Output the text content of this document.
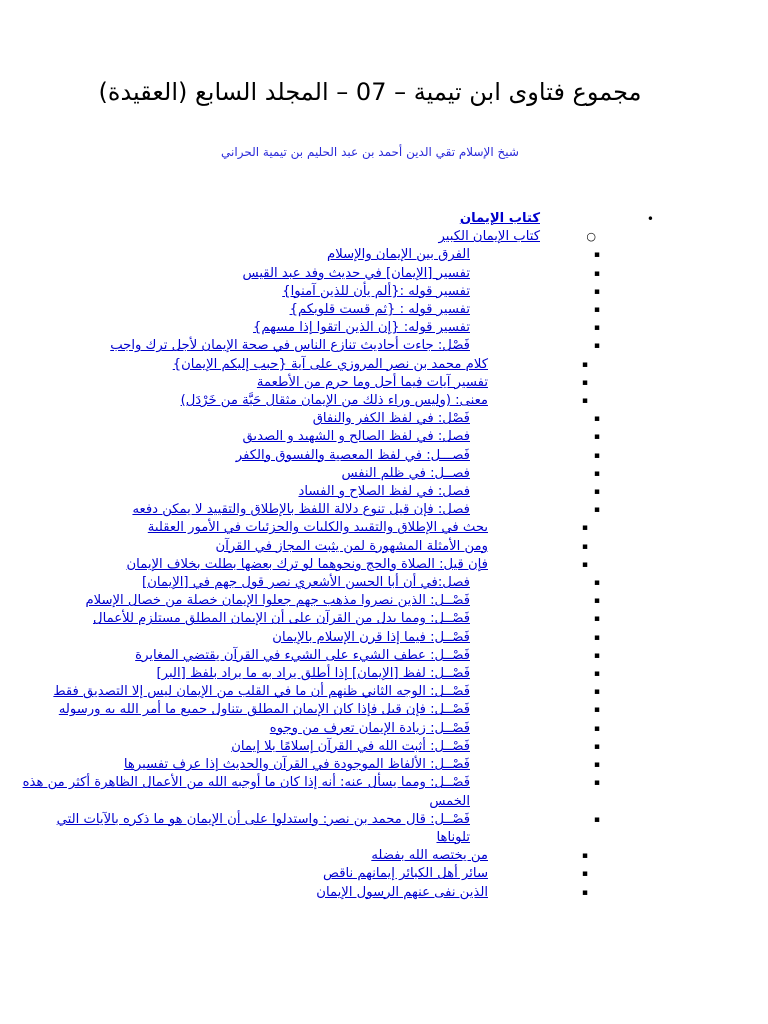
مجموع فتاوى ابن تيمية – 07 – المجلد السابع (العقيدة)
شيخ الإسلام تقي الدين أحمد بن عبد الحليم بن تيمية الحراني
•
كتاب الإيمان
○
كتاب الإيمان الكبير
▪
الفرق بين الإيمان والإسلام
▪
تفسير [الإيمان] في حديث وفد عبد القيس
▪
تفسير قوله :{ألم يأن للذين آمنوا}
▪
تفسير قوله : {ثم قست قلوبكم}
▪
تفسير قوله: {إن الذين اتقوا إذا مسهم}
▪
فَصْل: جاءت أحاديث تنازع الناس في صحة الإيمان لأجل ترك واجب
▪
كلام محمد بن نصر المروزي على آية {حبب إليكم الإيمان}
▪
تفسير آيات فيما أحل وما حرم من الأطعمة
▪
معنى: (وليس وراء ذلك من الإيمان مثقال حَبَّة من خَرْدَل)
▪
فَصْل: في لفظ الكفر والنفاق
▪
فصل: في لفظ الصالح و الشهيد و الصديق
▪
فَصـــل: في لفظ المعصية والفسوق والكفر
▪
فصــل: في ظلم النفس
▪
فصل: في لفظ الصلاح و الفساد
▪
فصل: فإن قيل تنوع دلالة اللفظ بالإطلاق والتقييد لا يمكن دفعه
▪
بحث في الإطلاق والتقييد والكليات والجزئيات في الأمور العقلية
▪
ومن الأمثلة المشهورة لمن يثبت المجاز في القرآن
▪
فإن قيل: الصلاة والحج ونحوهما لو ترك بعضها بطلت بخلاف الإيمان
▪
فصل:في أن أبا الحسن الأشعري نصر قول جهم في [الإيمان]
▪
فَصْــل: الذين نصروا مذهب جهم جعلوا الإيمان خصلة من خصال الإسلام
▪
فَصْــل: ومما يدل من القرآن على أن الإيمان المطلق مستلزم للأعمال
▪
فَصْــل: فيما إذا قرن الإسلام بالإيمان
▪
فَصْــل: عطف الشيء على الشيء في القرآن يقتضي المغايرة
▪
فَصْــل: لفظ [الإيمان] إذا أطلق يراد به ما يراد بلفظ [البر]
▪
فَصْــل: الوجه الثاني ظنهم أن ما في القلب من الإيمان ليس إلا التصديق فقط
▪
فَصْــل: فإن قيل فإذا كان الإيمان المطلق يتناول جميع ما أمر الله به ورسوله
▪
فَصْــل: زيادة الإيمان تعرف من وجوه
▪
فَصْــل: أثبت الله في القرآن إسلامًا بلا إيمان
▪
فَصْــل: الألفاظ الموجودة في القرآن والحديث إذا عرف تفسيرها
▪
فَصْــل: ومما يسأل عنه: أنه إذا كان ما أوجبه الله من الأعمال الظاهرة أكثر من هذه الخمس
▪
فَصْــل: قال محمد بن نصر: واستدلوا على أن الإيمان هو ما ذكره بالآيات التي تلوناها
▪
من يختصه الله بفضله
▪
سائر أهل الكبائر إيمانهم ناقص
▪
الذين نفى عنهم الرسول الإيمان
